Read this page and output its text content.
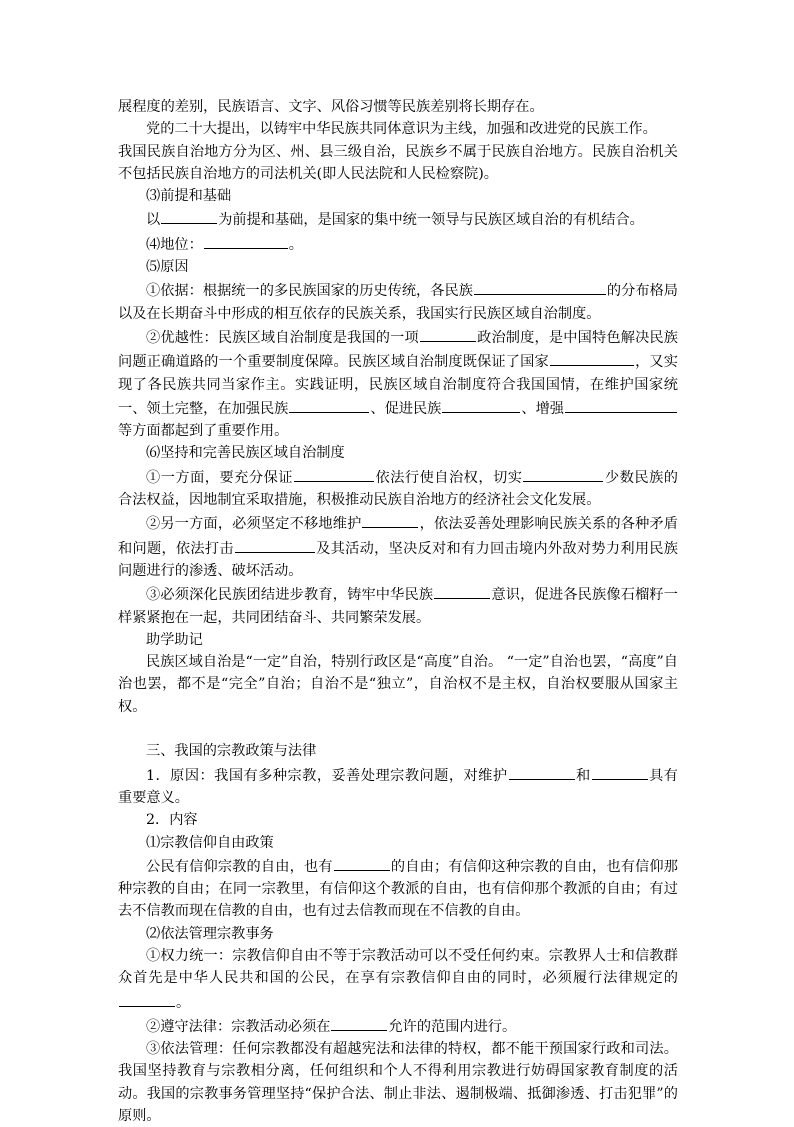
展程度的差别，民族语言、文字、风俗习惯等民族差别将长期存在。

党的二十大提出，以铸牢中华民族共同体意识为主线，加强和改进党的民族工作。

我国民族自治地方分为区、州、县三级自治，民族乡不属于民族自治地方。民族自治机关不包括民族自治地方的司法机关(即人民法院和人民检察院)。

⑶前提和基础

以	为前提和基础，是国家的集中统一领导与民族区域自治的有机结合。

⑷地位：	。

⑸原因

①依据：根据统一的多民族国家的历史传统，各民族	的分布格局以及在长期奋斗中形成的相互依存的民族关系，我国实行民族区域自治制度。

②优越性：民族区域自治制度是我国的一项	政治制度，是中国特色解决民族问题正确道路的一个重要制度保障。民族区域自治制度既保证了国家	，又实现了各民族共同当家作主。实践证明，民族区域自治制度符合我国国情，在维护国家统一、领土完整，在加强民族	、促进民族	、增强等方面都起到了重要作用。

⑹坚持和完善民族区域自治制度

①一方面，要充分保证	依法行使自治权，切实	少数民族的合法权益，因地制宜采取措施，积极推动民族自治地方的经济社会文化发展。

②另一方面，必须坚定不移地维护	，依法妥善处理影响民族关系的各种矛盾和问题，依法打击	及其活动，坚决反对和有力回击境内外敌对势力利用民族问题进行的渗透、破坏活动。

③必须深化民族团结进步教育，铸牢中华民族	意识，促进各民族像石榴籽一样紧紧抱在一起，共同团结奋斗、共同繁荣发展。

助学助记

民族区域自治是“一定”自治，特别行政区是“高度”自治。 “一定”自治也罢，“高度”自治也罢，都不是“完全”自治；自治不是“独立”，自治权不是主权，自治权要服从国家主权。

三、我国的宗教政策与法律

1．原因：我国有多种宗教，妥善处理宗教问题，对维护	和	具有重要意义。

2．内容

⑴宗教信仰自由政策

公民有信仰宗教的自由，也有	的自由；有信仰这种宗教的自由，也有信仰那种宗教的自由；在同一宗教里，有信仰这个教派的自由，也有信仰那个教派的自由；有过去不信教而现在信教的自由，也有过去信教而现在不信教的自由。

⑵依法管理宗教事务

①权力统一：宗教信仰自由不等于宗教活动可以不受任何约束。宗教界人士和信教群众首先是中华人民共和国的公民，在享有宗教信仰自由的同时，必须履行法律规定的。

②遵守法律：宗教活动必须在	允许的范围内进行。

③依法管理：任何宗教都没有超越宪法和法律的特权，都不能干预国家行政和司法。我国坚持教育与宗教相分离，任何组织和个人不得利用宗教进行妨碍国家教育制度的活动。我国的宗教事务管理坚持“保护合法、制止非法、遏制极端、抵御渗透、打击犯罪”的原则。
